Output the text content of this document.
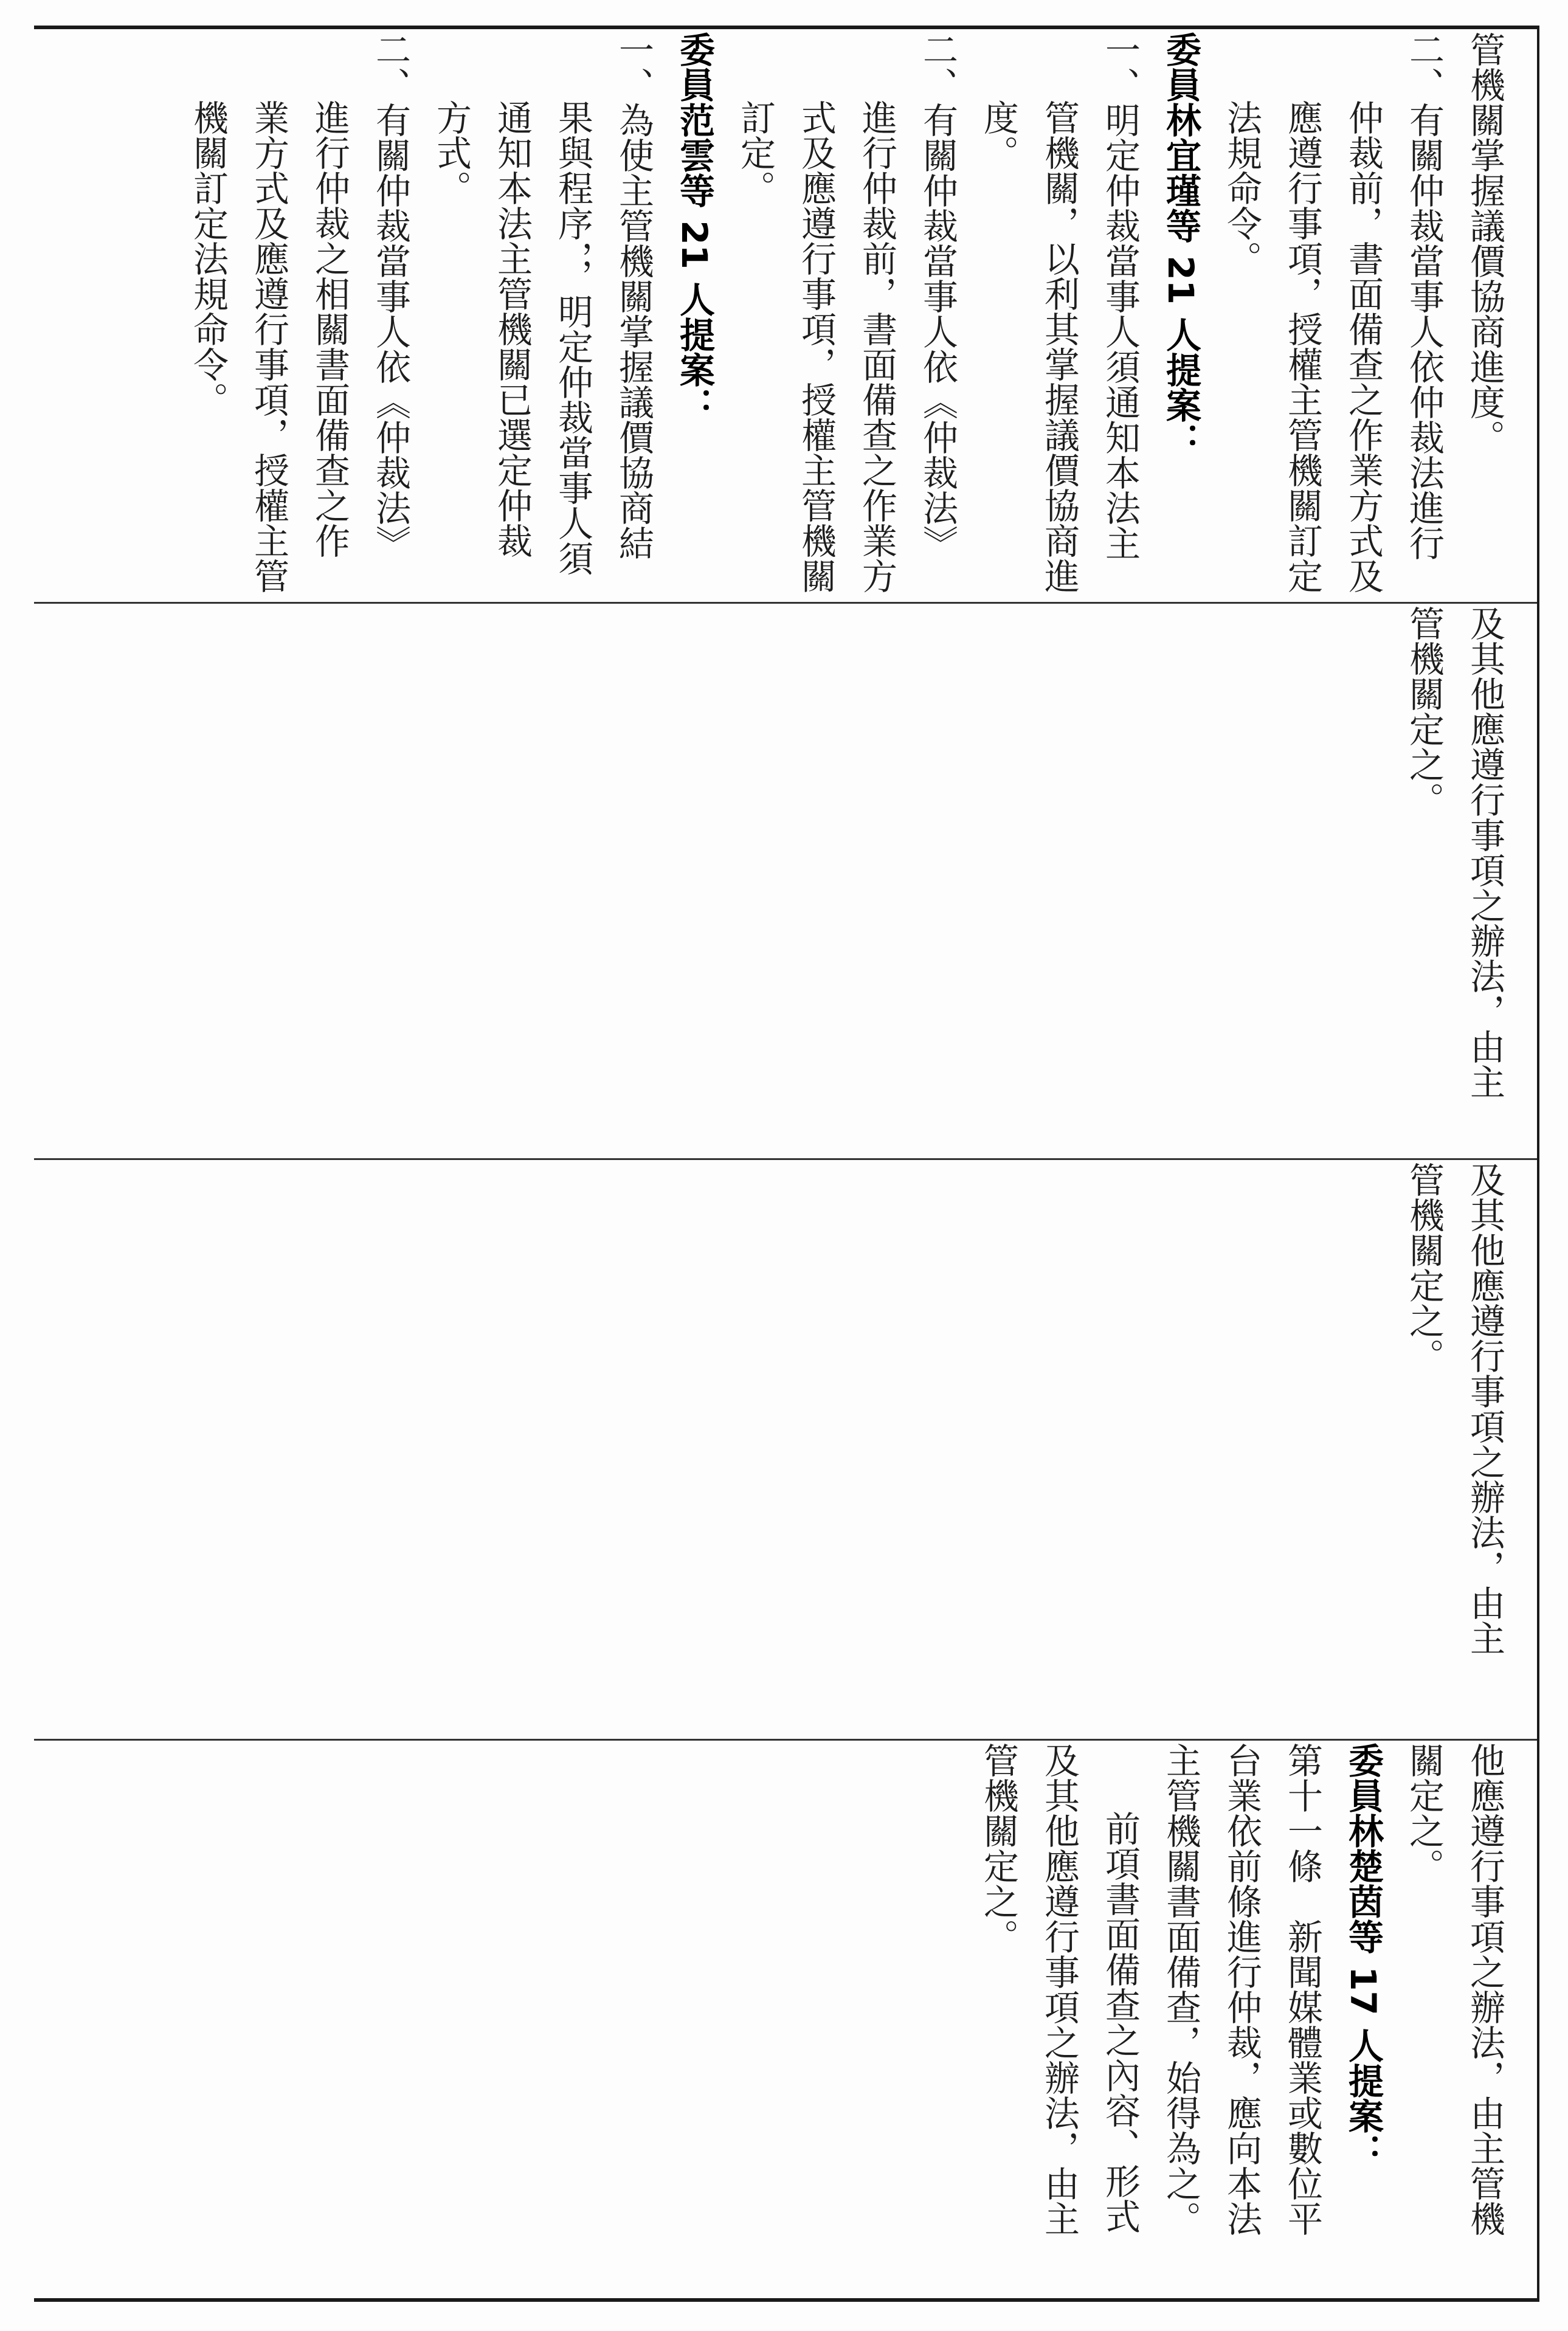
管機關掌握議價協商進度。

二、有關仲裁當事人依仲裁法進行

仲裁前，書面備查之作業方式及

應遵行事項，授權主管機關訂定

法規命令。

委員林宜瑾等 21 人提案：

一、明定仲裁當事人須通知本法主

管機關，以利其掌握議價協商進

度。

二、有關仲裁當事人依《仲裁法》

進行仲裁前，書面備查之作業方

式及應遵行事項，授權主管機關

訂定。

委員范雲等 21 人提案：

一、為使主管機關掌握議價協商結

果與程序，，明定仲裁當事人須

通知本法主管機關已選定仲裁

方式。

二、有關仲裁當事人依《仲裁法》

進行仲裁之相關書面備查之作

業方式及應遵行事項，授權主管

機關訂定法規命令。

及其他應遵行事項之辦法，由主

管機關定之。

及其他應遵行事項之辦法，由主

管機關定之。

他應遵行事項之辦法，由主管機

關定之。

委員林楚茵等 17 人提案：

第十一條　新聞媒體業或數位平

台業依前條進行仲裁，應向本法

主管機關書面備查，始得為之。

前項書面備查之內容、形式

及其他應遵行事項之辦法，由主

管機關定之。
